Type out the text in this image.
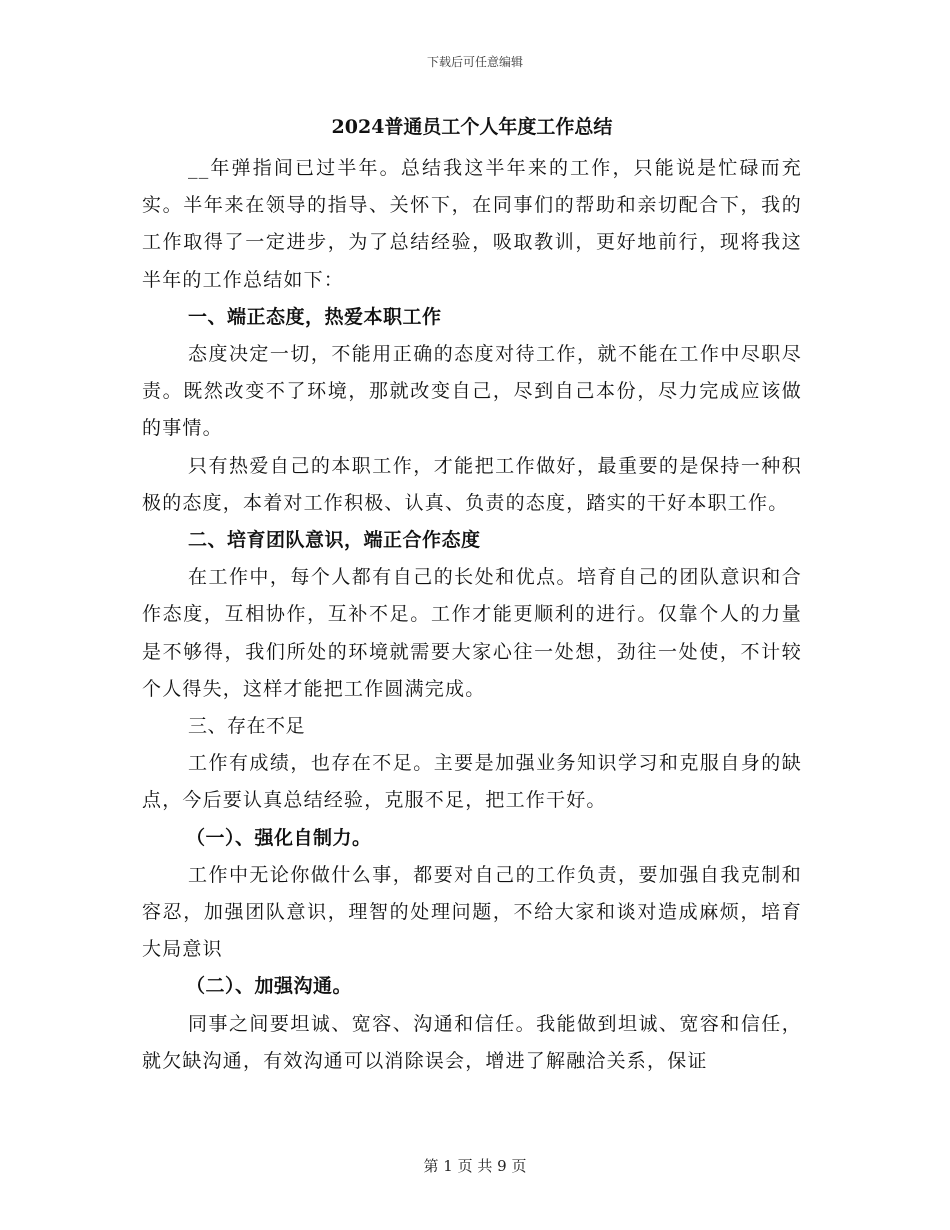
下载后可任意编辑
2024普通员工个人年度工作总结

__年弹指间已过半年。总结我这半年来的工作，只能说是忙碌而充实。半年来在领导的指导、关怀下，在同事们的帮助和亲切配合下，我的工作取得了一定进步，为了总结经验，吸取教训，更好地前行，现将我这半年的工作总结如下：

一、端正态度，热爱本职工作

态度决定一切，不能用正确的态度对待工作，就不能在工作中尽职尽责。既然改变不了环境，那就改变自己，尽到自己本份，尽力完成应该做的事情。

只有热爱自己的本职工作，才能把工作做好，最重要的是保持一种积极的态度，本着对工作积极、认真、负责的态度，踏实的干好本职工作。

二、培育团队意识，端正合作态度

在工作中，每个人都有自己的长处和优点。培育自己的团队意识和合作态度，互相协作，互补不足。工作才能更顺利的进行。仅靠个人的力量是不够得，我们所处的环境就需要大家心往一处想，劲往一处使，不计较个人得失，这样才能把工作圆满完成。

三、存在不足

工作有成绩，也存在不足。主要是加强业务知识学习和克服自身的缺点，今后要认真总结经验，克服不足，把工作干好。

（一）、强化自制力。

工作中无论你做什么事，都要对自己的工作负责，要加强自我克制和容忍，加强团队意识，理智的处理问题，不给大家和谈对造成麻烦，培育大局意识

（二）、加强沟通。

同事之间要坦诚、宽容、沟通和信任。我能做到坦诚、宽容和信任，就欠缺沟通，有效沟通可以消除误会，增进了解融洽关系，保证

第 1 页 共 9 页
